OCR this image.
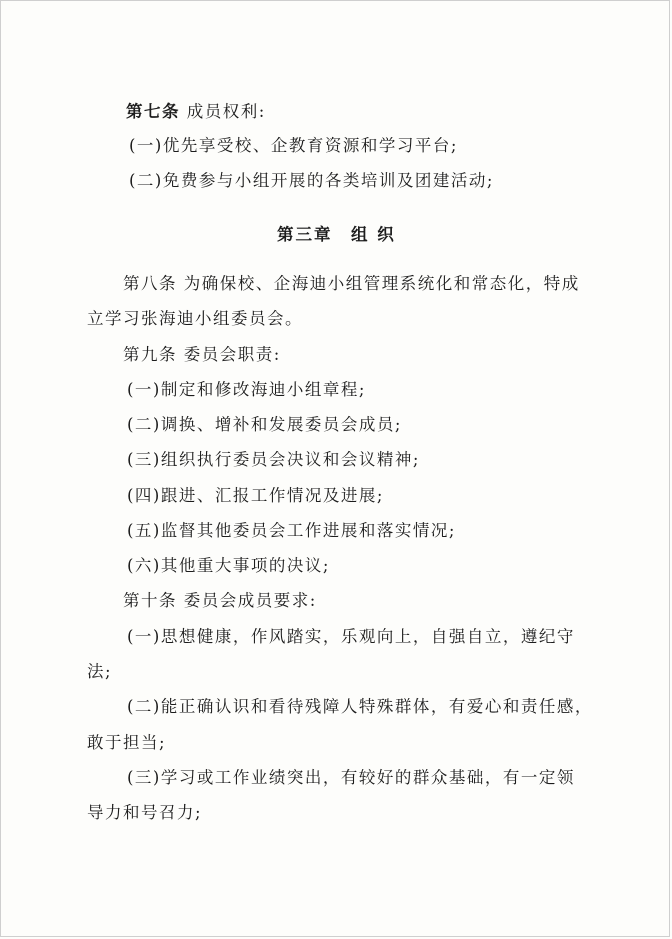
第七条 成员权利:
(一)优先享受校、企教育资源和学习平台;
(二)免费参与小组开展的各类培训及团建活动;
第三章　组 织
第八条 为确保校、企海迪小组管理系统化和常态化，特成
立学习张海迪小组委员会。
第九条 委员会职责:
(一)制定和修改海迪小组章程;
(二)调换、增补和发展委员会成员;
(三)组织执行委员会决议和会议精神;
(四)跟进、汇报工作情况及进展;
(五)监督其他委员会工作进展和落实情况;
(六)其他重大事项的决议;
第十条 委员会成员要求:
(一)思想健康，作风踏实，乐观向上，自强自立，遵纪守
法;
(二)能正确认识和看待残障人特殊群体，有爱心和责任感，
敢于担当;
(三)学习或工作业绩突出，有较好的群众基础，有一定领
导力和号召力;
